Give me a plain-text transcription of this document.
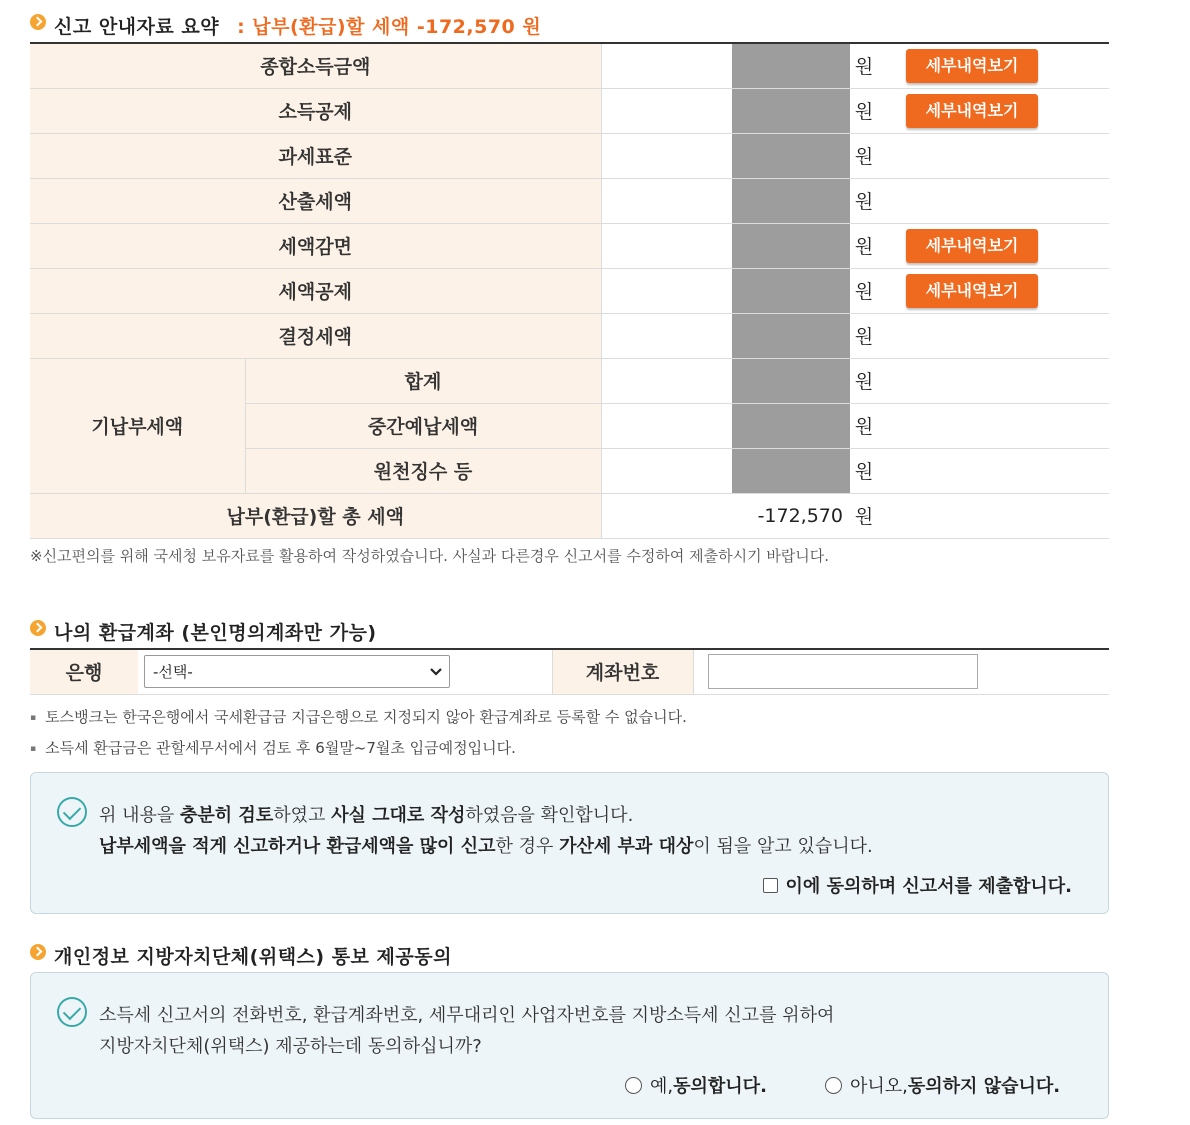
신고 안내자료 요약 : 납부(환급)할 세액 -172,570 원
종합소득금액			원	세부내역보기
소득공제			원	세부내역보기
과세표준			원	
산출세액			원	
세액감면			원	세부내역보기
세액공제			원	세부내역보기
결정세액			원	
기납부세액	합계		원	
	중간예납세액		원	
	원천징수 등		원	
납부(환급)할 총 세액		-172,570	원	
※신고편의를 위해 국세청 보유자료를 활용하여 작성하였습니다. 사실과 다른경우 신고서를 수정하여 제출하시기 바랍니다.
나의 환급계좌 (본인명의계좌만 가능)
은행	-선택-	계좌번호	
▪ 토스뱅크는 한국은행에서 국세환급금 지급은행으로 지정되지 않아 환급계좌로 등록할 수 없습니다.
▪ 소득세 환급금은 관할세무서에서 검토 후 6월말~7월초 입금예정입니다.
위 내용을 충분히 검토하였고 사실 그대로 작성하였음을 확인합니다.
납부세액을 적게 신고하거나 환급세액을 많이 신고한 경우 가산세 부과 대상이 됨을 알고 있습니다.
이에 동의하며 신고서를 제출합니다.
개인정보 지방자치단체(위택스) 통보 제공동의
소득세 신고서의 전화번호, 환급계좌번호, 세무대리인 사업자번호를 지방소득세 신고를 위하여
지방자치단체(위택스) 제공하는데 동의하십니까?
예, 동의합니다.	아니오, 동의하지 않습니다.
